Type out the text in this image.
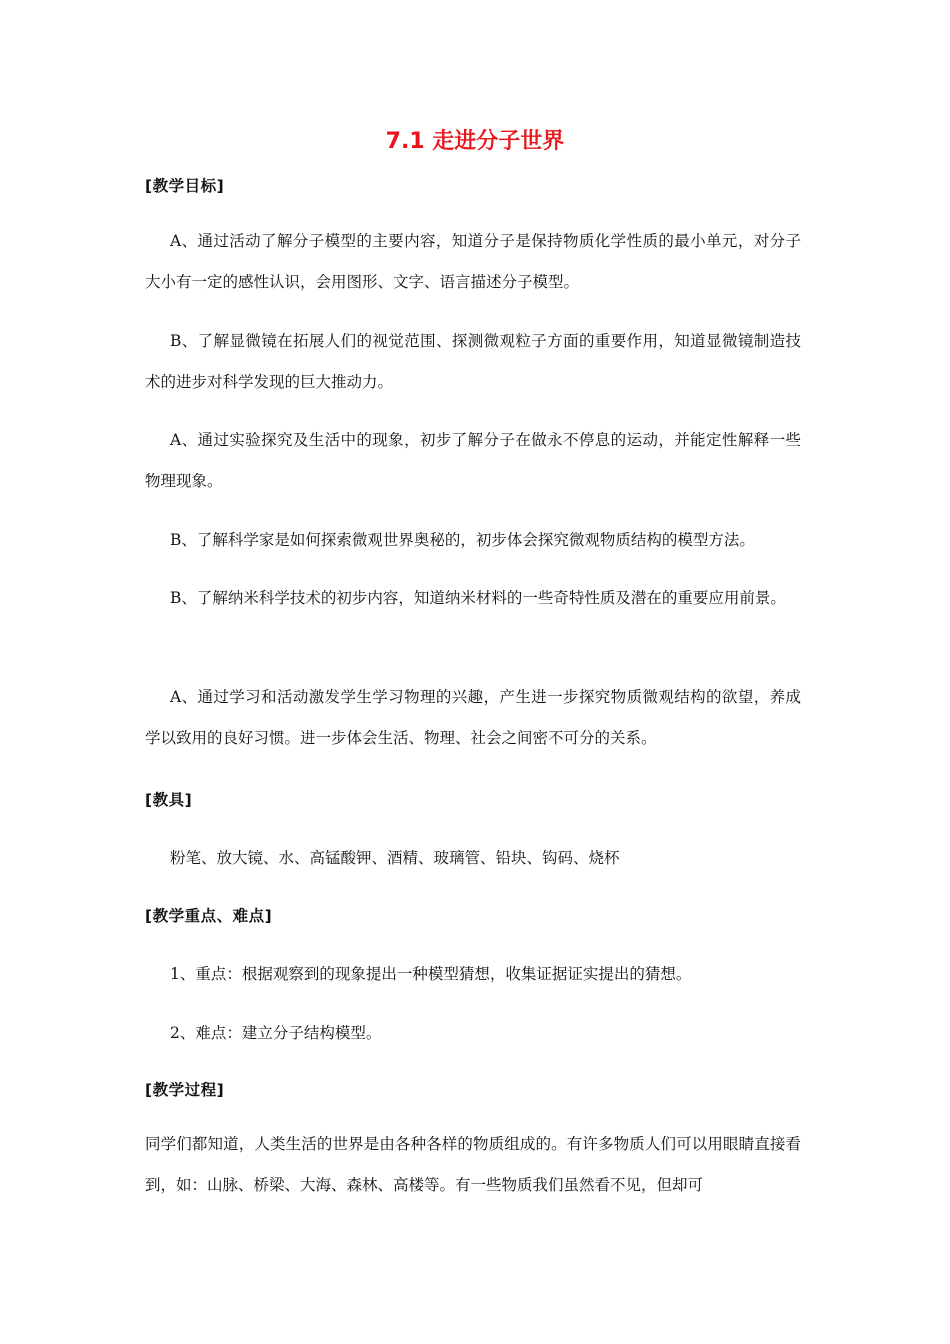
7.1 走进分子世界
[教学目标]

A、通过活动了解分子模型的主要内容，知道分子是保持物质化学性质的最小单元，对分子大小有一定的感性认识，会用图形、文字、语言描述分子模型。

B、了解显微镜在拓展人们的视觉范围、探测微观粒子方面的重要作用，知道显微镜制造技术的进步对科学发现的巨大推动力。

A、通过实验探究及生活中的现象，初步了解分子在做永不停息的运动，并能定性解释一些物理现象。

B、了解科学家是如何探索微观世界奥秘的，初步体会探究微观物质结构的模型方法。

B、了解纳米科学技术的初步内容，知道纳米材料的一些奇特性质及潜在的重要应用前景。

A、通过学习和活动激发学生学习物理的兴趣，产生进一步探究物质微观结构的欲望，养成学以致用的良好习惯。进一步体会生活、物理、社会之间密不可分的关系。

[教具]
粉笔、放大镜、水、高锰酸钾、酒精、玻璃管、铅块、钩码、烧杯
[教学重点、难点]
1、重点：根据观察到的现象提出一种模型猜想，收集证据证实提出的猜想。
2、难点：建立分子结构模型。
[教学过程]

同学们都知道，人类生活的世界是由各种各样的物质组成的。有许多物质人们可以用眼睛直接看到，如：山脉、桥梁、大海、森林、高楼等。有一些物质我们虽然看不见，但却可
